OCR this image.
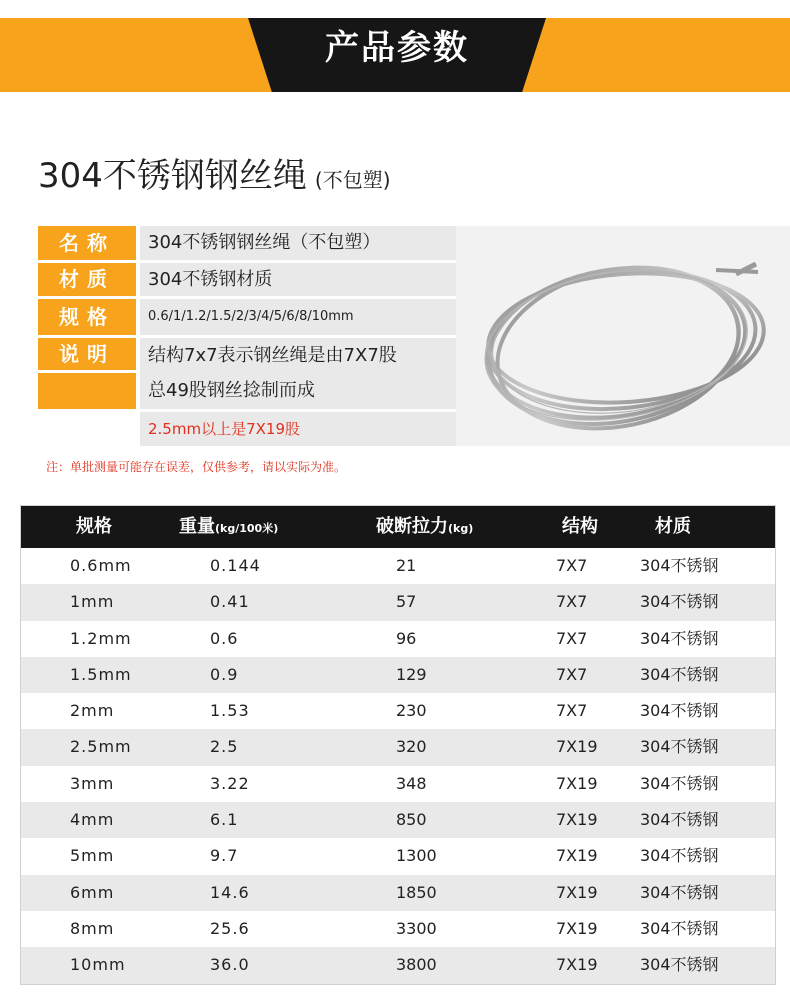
产品参数
304不锈钢钢丝绳 (不包塑)
名称	304不锈钢钢丝绳（不包塑）
材质	304不锈钢材质
规格	0.6/1/1.2/1.5/2/3/4/5/6/8/10mm
说明	结构7x7表示钢丝绳是由7X7股
总49股钢丝捻制而成
2.5mm以上是7X19股
注：单批测量可能存在误差，仅供参考，请以实际为准。
规格	重量(kg/100米)	破断拉力(kg)	结构	材质
0.6mm	0.144	21	7X7	304不锈钢
1mm	0.41	57	7X7	304不锈钢
1.2mm	0.6	96	7X7	304不锈钢
1.5mm	0.9	129	7X7	304不锈钢
2mm	1.53	230	7X7	304不锈钢
2.5mm	2.5	320	7X19	304不锈钢
3mm	3.22	348	7X19	304不锈钢
4mm	6.1	850	7X19	304不锈钢
5mm	9.7	1300	7X19	304不锈钢
6mm	14.6	1850	7X19	304不锈钢
8mm	25.6	3300	7X19	304不锈钢
10mm	36.0	3800	7X19	304不锈钢
